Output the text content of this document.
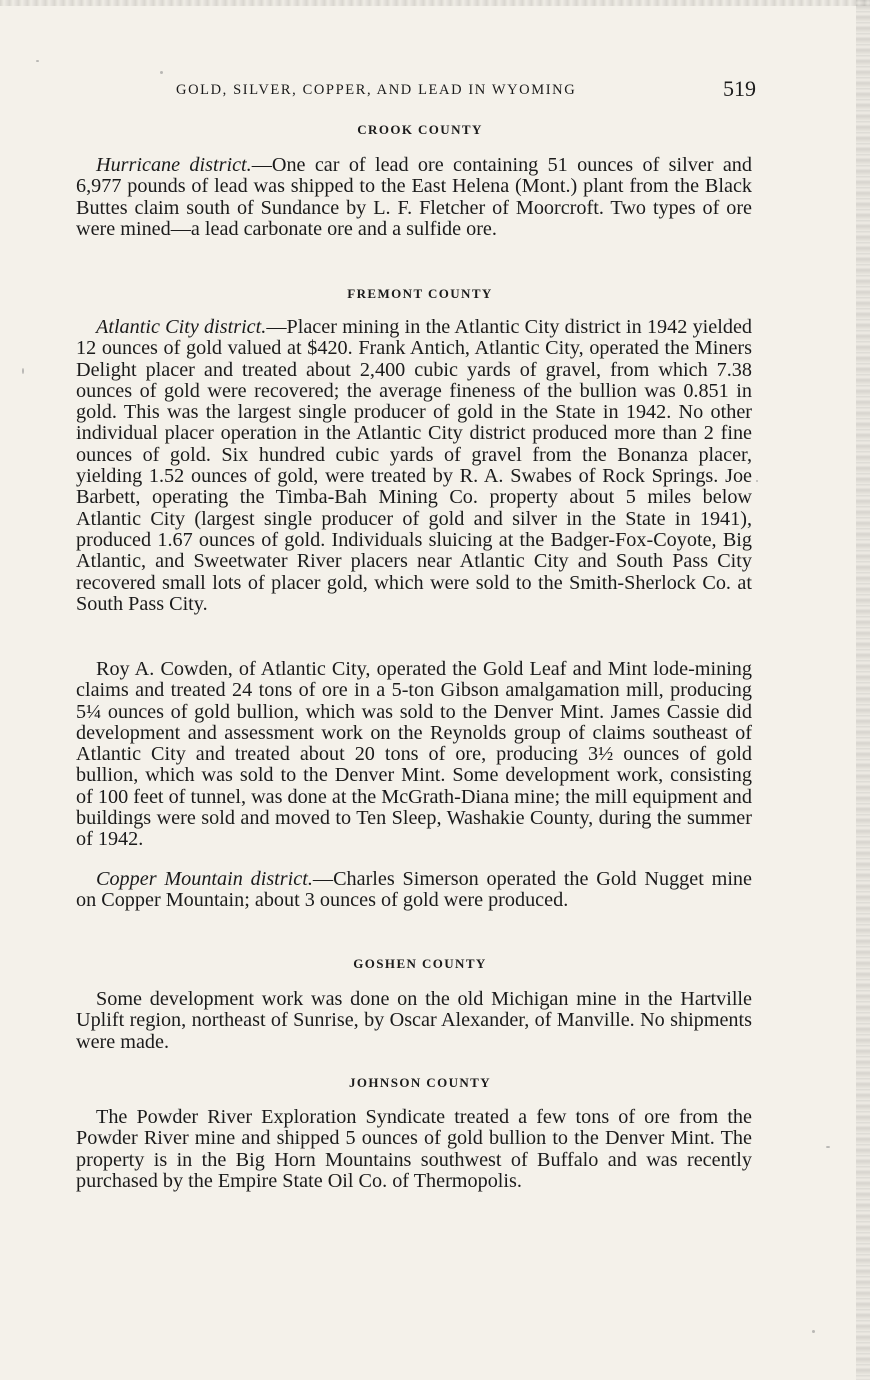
GOLD, SILVER, COPPER, AND LEAD IN WYOMING	519
CROOK COUNTY

Hurricane district.—One car of lead ore containing 51 ounces of silver and 6,977 pounds of lead was shipped to the East Helena (Mont.) plant from the Black Buttes claim south of Sundance by L. F. Fletcher of Moorcroft. Two types of ore were mined—a lead carbonate ore and a sulfide ore.

FREMONT COUNTY

Atlantic City district.—Placer mining in the Atlantic City district in 1942 yielded 12 ounces of gold valued at $420. Frank Antich, Atlantic City, operated the Miners Delight placer and treated about 2,400 cubic yards of gravel, from which 7.38 ounces of gold were recovered; the average fineness of the bullion was 0.851 in gold. This was the largest single producer of gold in the State in 1942. No other individual placer operation in the Atlantic City district produced more than 2 fine ounces of gold. Six hundred cubic yards of gravel from the Bonanza placer, yielding 1.52 ounces of gold, were treated by R. A. Swabes of Rock Springs. Joe Barbett, operating the Timba-Bah Mining Co. property about 5 miles below Atlantic City (largest single producer of gold and silver in the State in 1941), produced 1.67 ounces of gold. Individuals sluicing at the Badger-Fox-Coyote, Big Atlantic, and Sweetwater River placers near Atlantic City and South Pass City recovered small lots of placer gold, which were sold to the Smith-Sherlock Co. at South Pass City.

Roy A. Cowden, of Atlantic City, operated the Gold Leaf and Mint lode-mining claims and treated 24 tons of ore in a 5-ton Gibson amalgamation mill, producing 5¼ ounces of gold bullion, which was sold to the Denver Mint. James Cassie did development and assessment work on the Reynolds group of claims southeast of Atlantic City and treated about 20 tons of ore, producing 3½ ounces of gold bullion, which was sold to the Denver Mint. Some development work, consisting of 100 feet of tunnel, was done at the McGrath-Diana mine; the mill equipment and buildings were sold and moved to Ten Sleep, Washakie County, during the summer of 1942.

Copper Mountain district.—Charles Simerson operated the Gold Nugget mine on Copper Mountain; about 3 ounces of gold were produced.

GOSHEN COUNTY

Some development work was done on the old Michigan mine in the Hartville Uplift region, northeast of Sunrise, by Oscar Alexander, of Manville. No shipments were made.

JOHNSON COUNTY

The Powder River Exploration Syndicate treated a few tons of ore from the Powder River mine and shipped 5 ounces of gold bullion to the Denver Mint. The property is in the Big Horn Mountains southwest of Buffalo and was recently purchased by the Empire State Oil Co. of Thermopolis.
